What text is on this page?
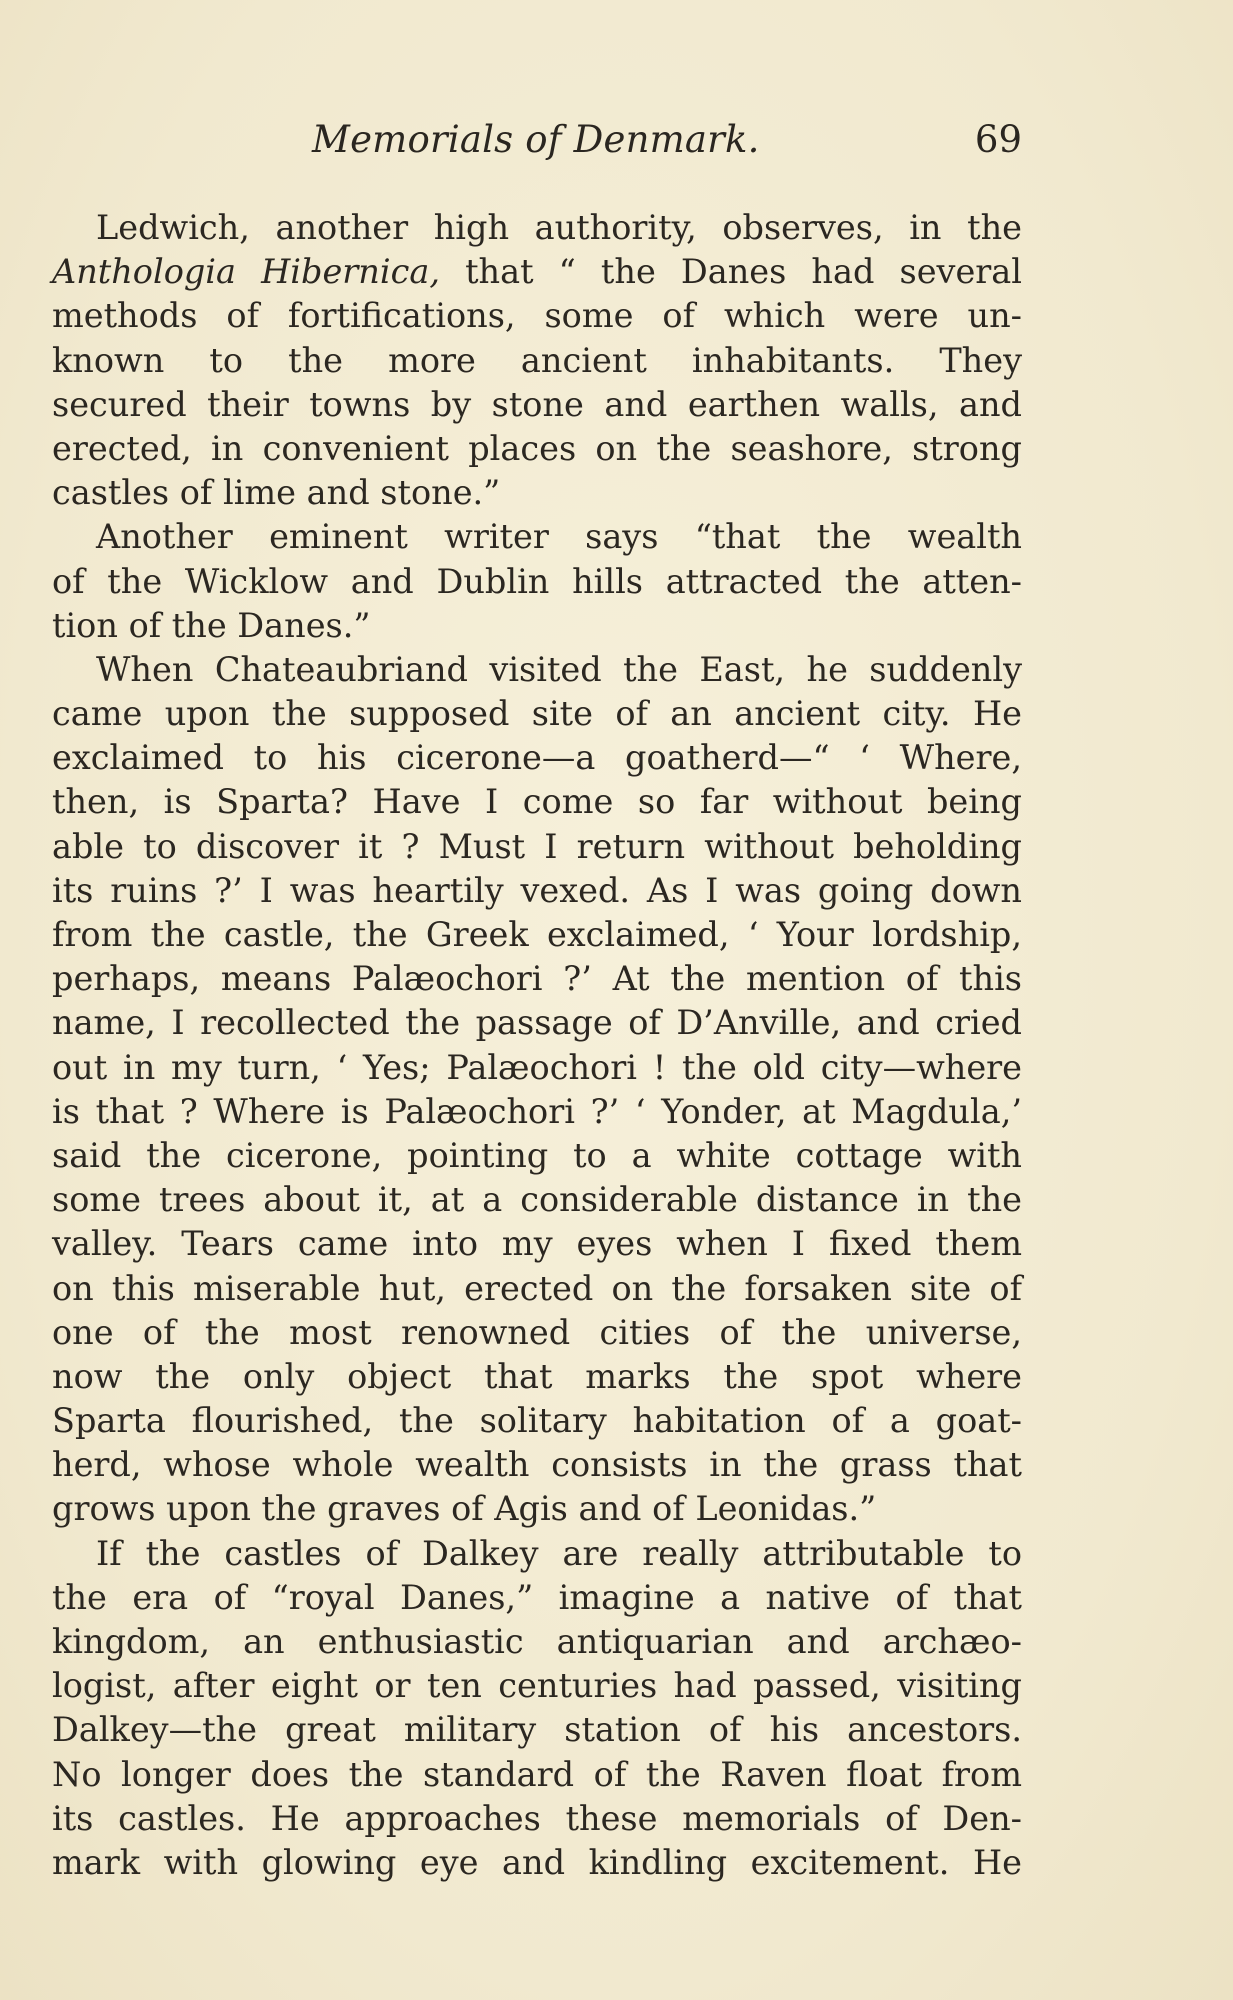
Memorials of Denmark.	69
Ledwich, another high authority, observes, in the
Anthologia Hibernica, that “ the Danes had several
methods of fortifications, some of which were un-
known to the more ancient inhabitants. They
secured their towns by stone and earthen walls, and
erected, in convenient places on the seashore, strong
castles of lime and stone.”
Another eminent writer says “that the wealth
of the Wicklow and Dublin hills attracted the atten-
tion of the Danes.”
When Chateaubriand visited the East, he suddenly
came upon the supposed site of an ancient city. He
exclaimed to his cicerone—a goatherd—“ ‘ Where,
then, is Sparta? Have I come so far without being
able to discover it ? Must I return without beholding
its ruins ?’ I was heartily vexed. As I was going down
from the castle, the Greek exclaimed, ‘ Your lordship,
perhaps, means Palæochori ?’ At the mention of this
name, I recollected the passage of D’Anville, and cried
out in my turn, ‘ Yes; Palæochori ! the old city—where
is that ? Where is Palæochori ?’ ‘ Yonder, at Magdula,’
said the cicerone, pointing to a white cottage with
some trees about it, at a considerable distance in the
valley. Tears came into my eyes when I fixed them
on this miserable hut, erected on the forsaken site of
one of the most renowned cities of the universe,
now the only object that marks the spot where
Sparta flourished, the solitary habitation of a goat-
herd, whose whole wealth consists in the grass that
grows upon the graves of Agis and of Leonidas.”
If the castles of Dalkey are really attributable to
the era of “royal Danes,” imagine a native of that
kingdom, an enthusiastic antiquarian and archæo-
logist, after eight or ten centuries had passed, visiting
Dalkey—the great military station of his ancestors.
No longer does the standard of the Raven float from
its castles. He approaches these memorials of Den-
mark with glowing eye and kindling excitement. He
